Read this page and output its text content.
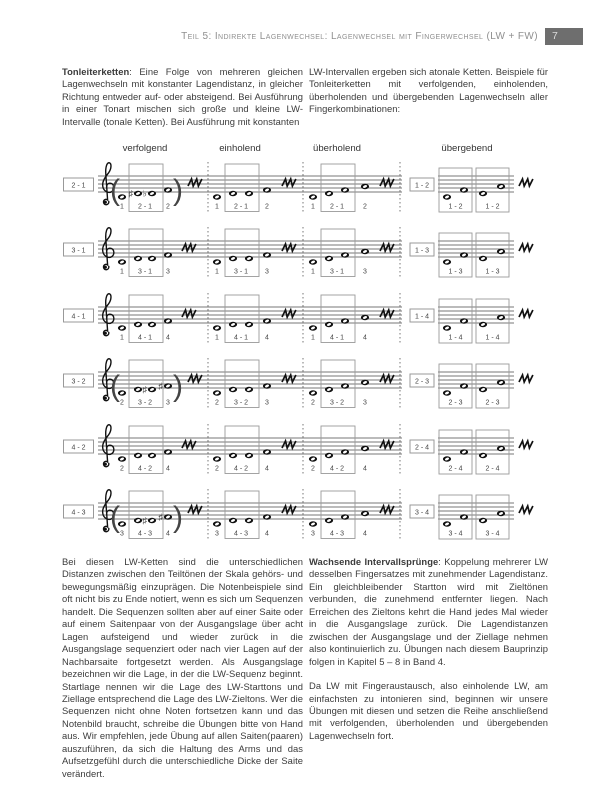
Teil 5: Indirekte Lagenwechsel: Lagenwechsel mit Fingerwechsel (LW + FW)	7

Tonleiterketten: Eine Folge von mehreren gleichen Lagenwechseln mit konstanter Lagendistanz, in gleicher Richtung entweder auf- oder absteigend. Bei Ausführung in einer Tonart mischen sich große und kleine LW-Intervalle (tonale Ketten). Bei Ausführung mit konstanten

LW-Intervallen ergeben sich atonale Ketten. Beispiele für Tonleiterketten mit verfolgenden, einholenden, überholenden und übergebenden Lagenwechseln aller Fingerkombinationen:

verfolgend	einholend	überholend	übergebend
2 - 1
♯ ♭
( )
1 2 - 1 2	1 2 - 1 2	1 2 - 1	2
1 - 2
1 - 2	1 - 2
3 - 1
1 3 - 1 3	1 3 - 1 3	1 3 - 1	3
1 - 3
1 - 3	1 - 3
4 - 1
1 4 - 1 4	1 4 - 1 4	1 4 - 1	4
1 - 4
1 - 4	1 - 4
3 - 2
♯ ♯
( )
2 3 - 2 3	2 3 - 2 3	2 3 - 2	3
2 - 3
2 - 3	2 - 3
4 - 2
2 4 - 2 4	2 4 - 2 4	2 4 - 2	4
2 - 4
2 - 4	2 - 4
4 - 3
♯ ♯
( )
3 4 - 3 4	3 4 - 3 4	3 4 - 3	4
3 - 4
3 - 4	3 - 4

Bei diesen LW-Ketten sind die unterschiedlichen Distanzen zwischen den Teiltönen der Skala gehörs- und bewegungsmäßig einzuprägen. Die Notenbeispiele sind oft nicht bis zu Ende notiert, wenn es sich um Sequenzen handelt. Die Sequenzen sollten aber auf einer Saite oder auf einem Saitenpaar von der Ausgangslage über acht Lagen aufsteigend und wieder zurück in die Ausgangslage sequenziert oder nach vier Lagen auf der Nachbarsaite fortgesetzt werden. Als Ausgangslage bezeichnen wir die Lage, in der die LW-Sequenz beginnt. Startlage nennen wir die Lage des LW-Starttons und Ziellage entsprechend die Lage des LW-Zieltons. Wer die Sequenzen nicht ohne Noten fortsetzen kann und das Notenbild braucht, schreibe die Übungen bitte von Hand aus. Wir empfehlen, jede Übung auf allen Saiten(paaren) auszuführen, da sich die Haltung des Arms und das Aufsetzgefühl durch die unterschiedliche Dicke der Saite verändert.

Wachsende Intervallsprünge: Koppelung mehrerer LW desselben Fingersatzes mit zunehmender Lagendistanz. Ein gleichbleibender Startton wird mit Zieltönen verbunden, die zunehmend entfernter liegen. Nach Erreichen des Zieltons kehrt die Hand jedes Mal wieder in die Ausgangslage zurück. Die Lagendistanzen zwischen der Ausgangslage und der Ziellage nehmen also kontinuierlich zu. Übungen nach diesem Bauprinzip folgen in Kapitel 5 – 8 in Band 4.

Da LW mit Fingeraustausch, also einholende LW, am einfachsten zu intonieren sind, beginnen wir unsere Übungen mit diesen und setzen die Reihe anschließend mit verfolgenden, überholenden und übergebenden Lagenwechseln fort.
